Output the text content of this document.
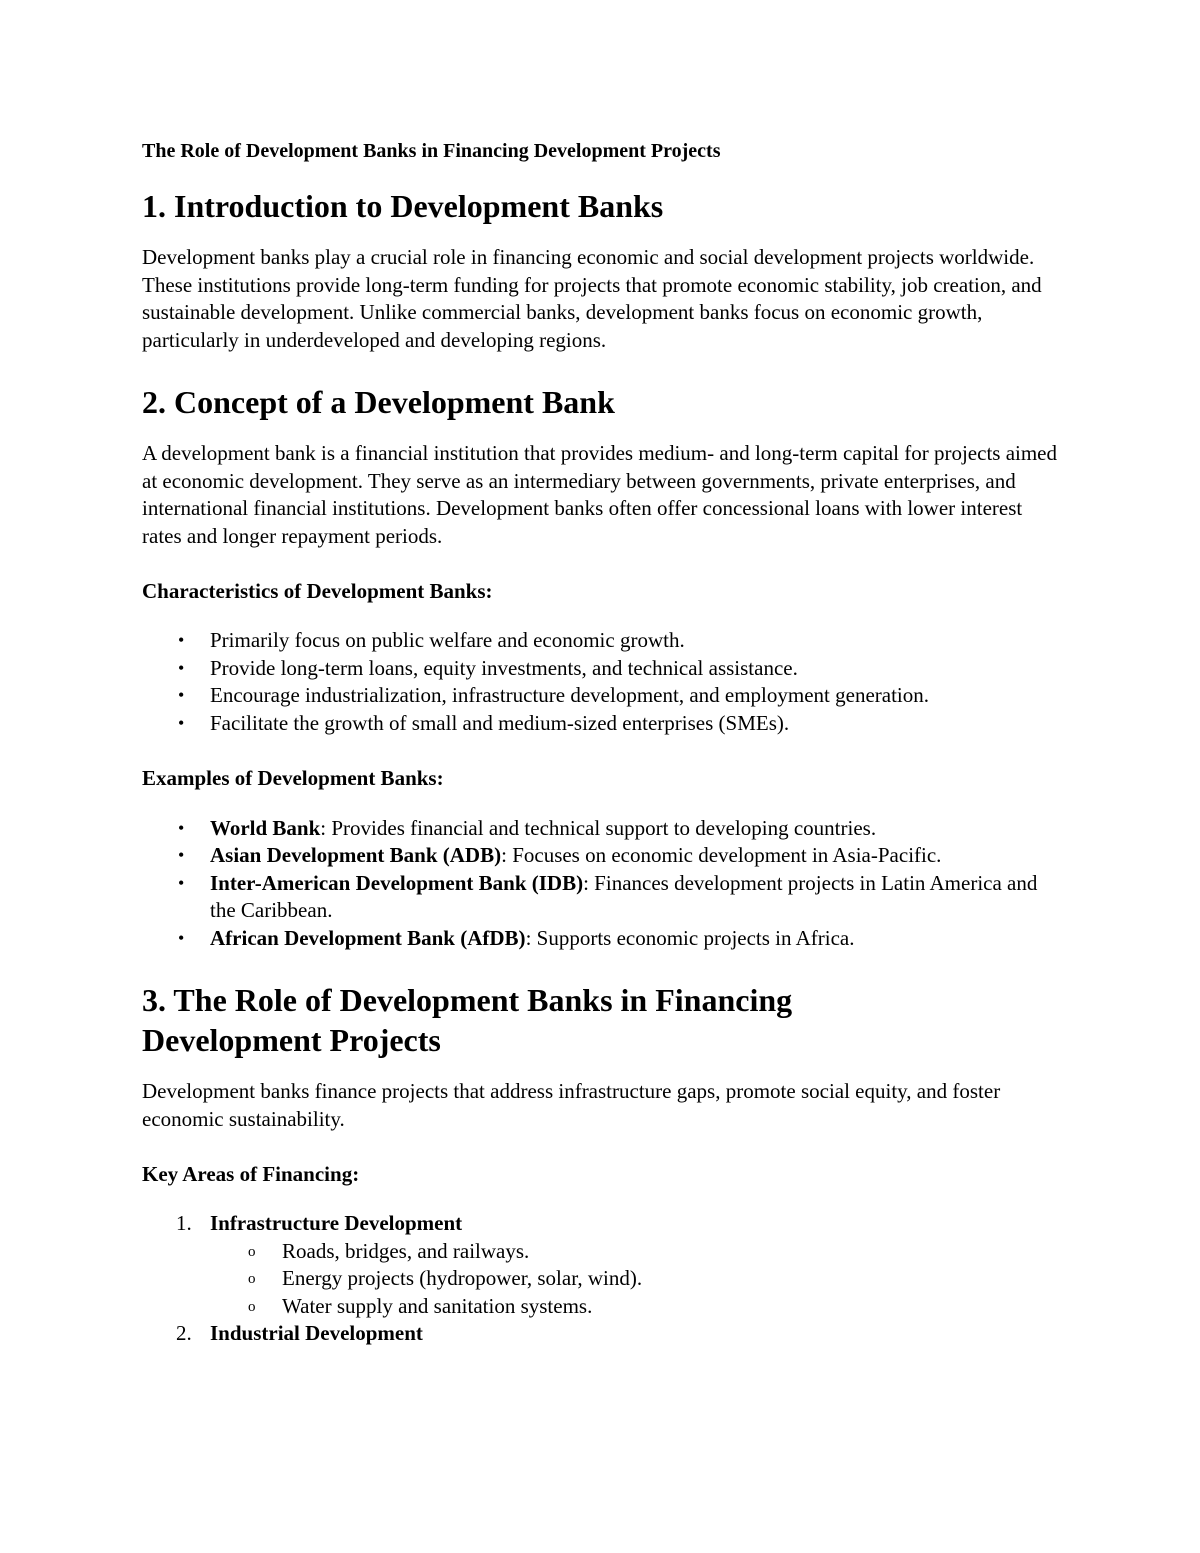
The Role of Development Banks in Financing Development Projects
1. Introduction to Development Banks

Development banks play a crucial role in financing economic and social development projects worldwide. These institutions provide long-term funding for projects that promote economic stability, job creation, and sustainable development. Unlike commercial banks, development banks focus on economic growth, particularly in underdeveloped and developing regions.

2. Concept of a Development Bank

A development bank is a financial institution that provides medium- and long-term capital for projects aimed at economic development. They serve as an intermediary between governments, private enterprises, and international financial institutions. Development banks often offer concessional loans with lower interest rates and longer repayment periods.

Characteristics of Development Banks:
• Primarily focus on public welfare and economic growth.
• Provide long-term loans, equity investments, and technical assistance.
• Encourage industrialization, infrastructure development, and employment generation.
• Facilitate the growth of small and medium-sized enterprises (SMEs).
Examples of Development Banks:
• World Bank: Provides financial and technical support to developing countries.
• Asian Development Bank (ADB): Focuses on economic development in Asia-Pacific.
• Inter-American Development Bank (IDB): Finances development projects in Latin America and the Caribbean.
• African Development Bank (AfDB): Supports economic projects in Africa.
3. The Role of Development Banks in Financing Development Projects

Development banks finance projects that address infrastructure gaps, promote social equity, and foster economic sustainability.

Key Areas of Financing:
1. Infrastructure Development
o Roads, bridges, and railways.
o Energy projects (hydropower, solar, wind).
o Water supply and sanitation systems.
2. Industrial Development
